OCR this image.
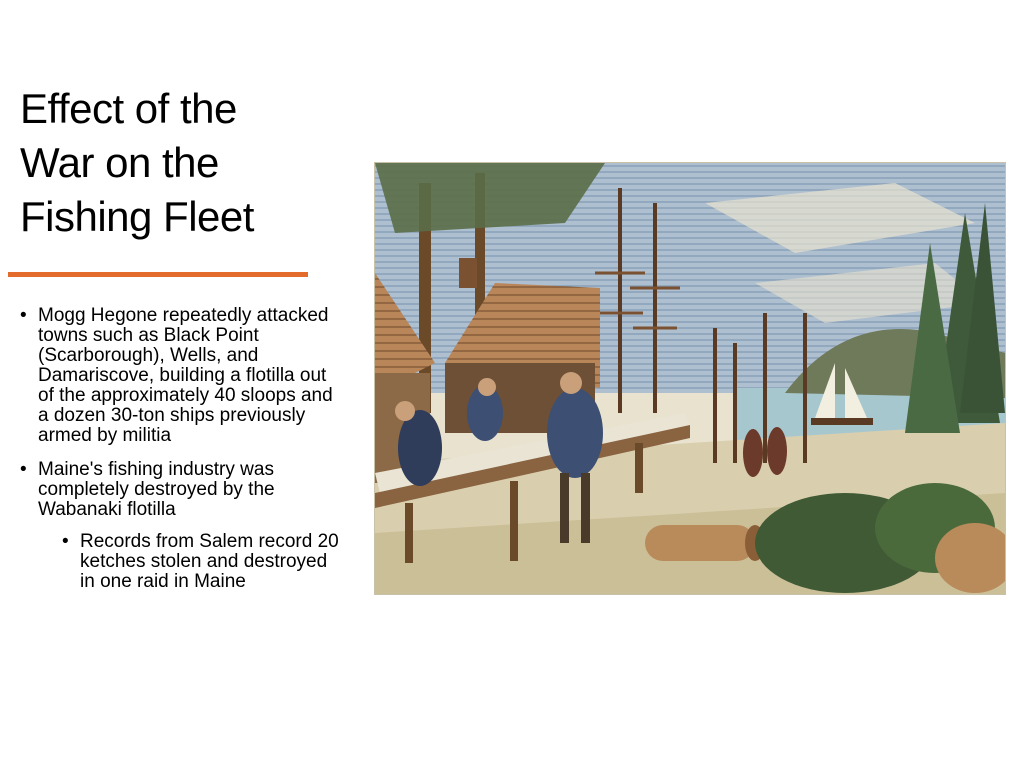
Effect of the
War on the
Fishing Fleet
• Mogg Hegone repeatedly attacked towns such as Black Point (Scarborough), Wells, and Damariscove, building a flotilla out of the approximately 40 sloops and a dozen 30-ton ships previously armed by militia
• Maine's fishing industry was completely destroyed by the Wabanaki flotilla
• Records from Salem record 20 ketches stolen and destroyed in one raid in Maine
